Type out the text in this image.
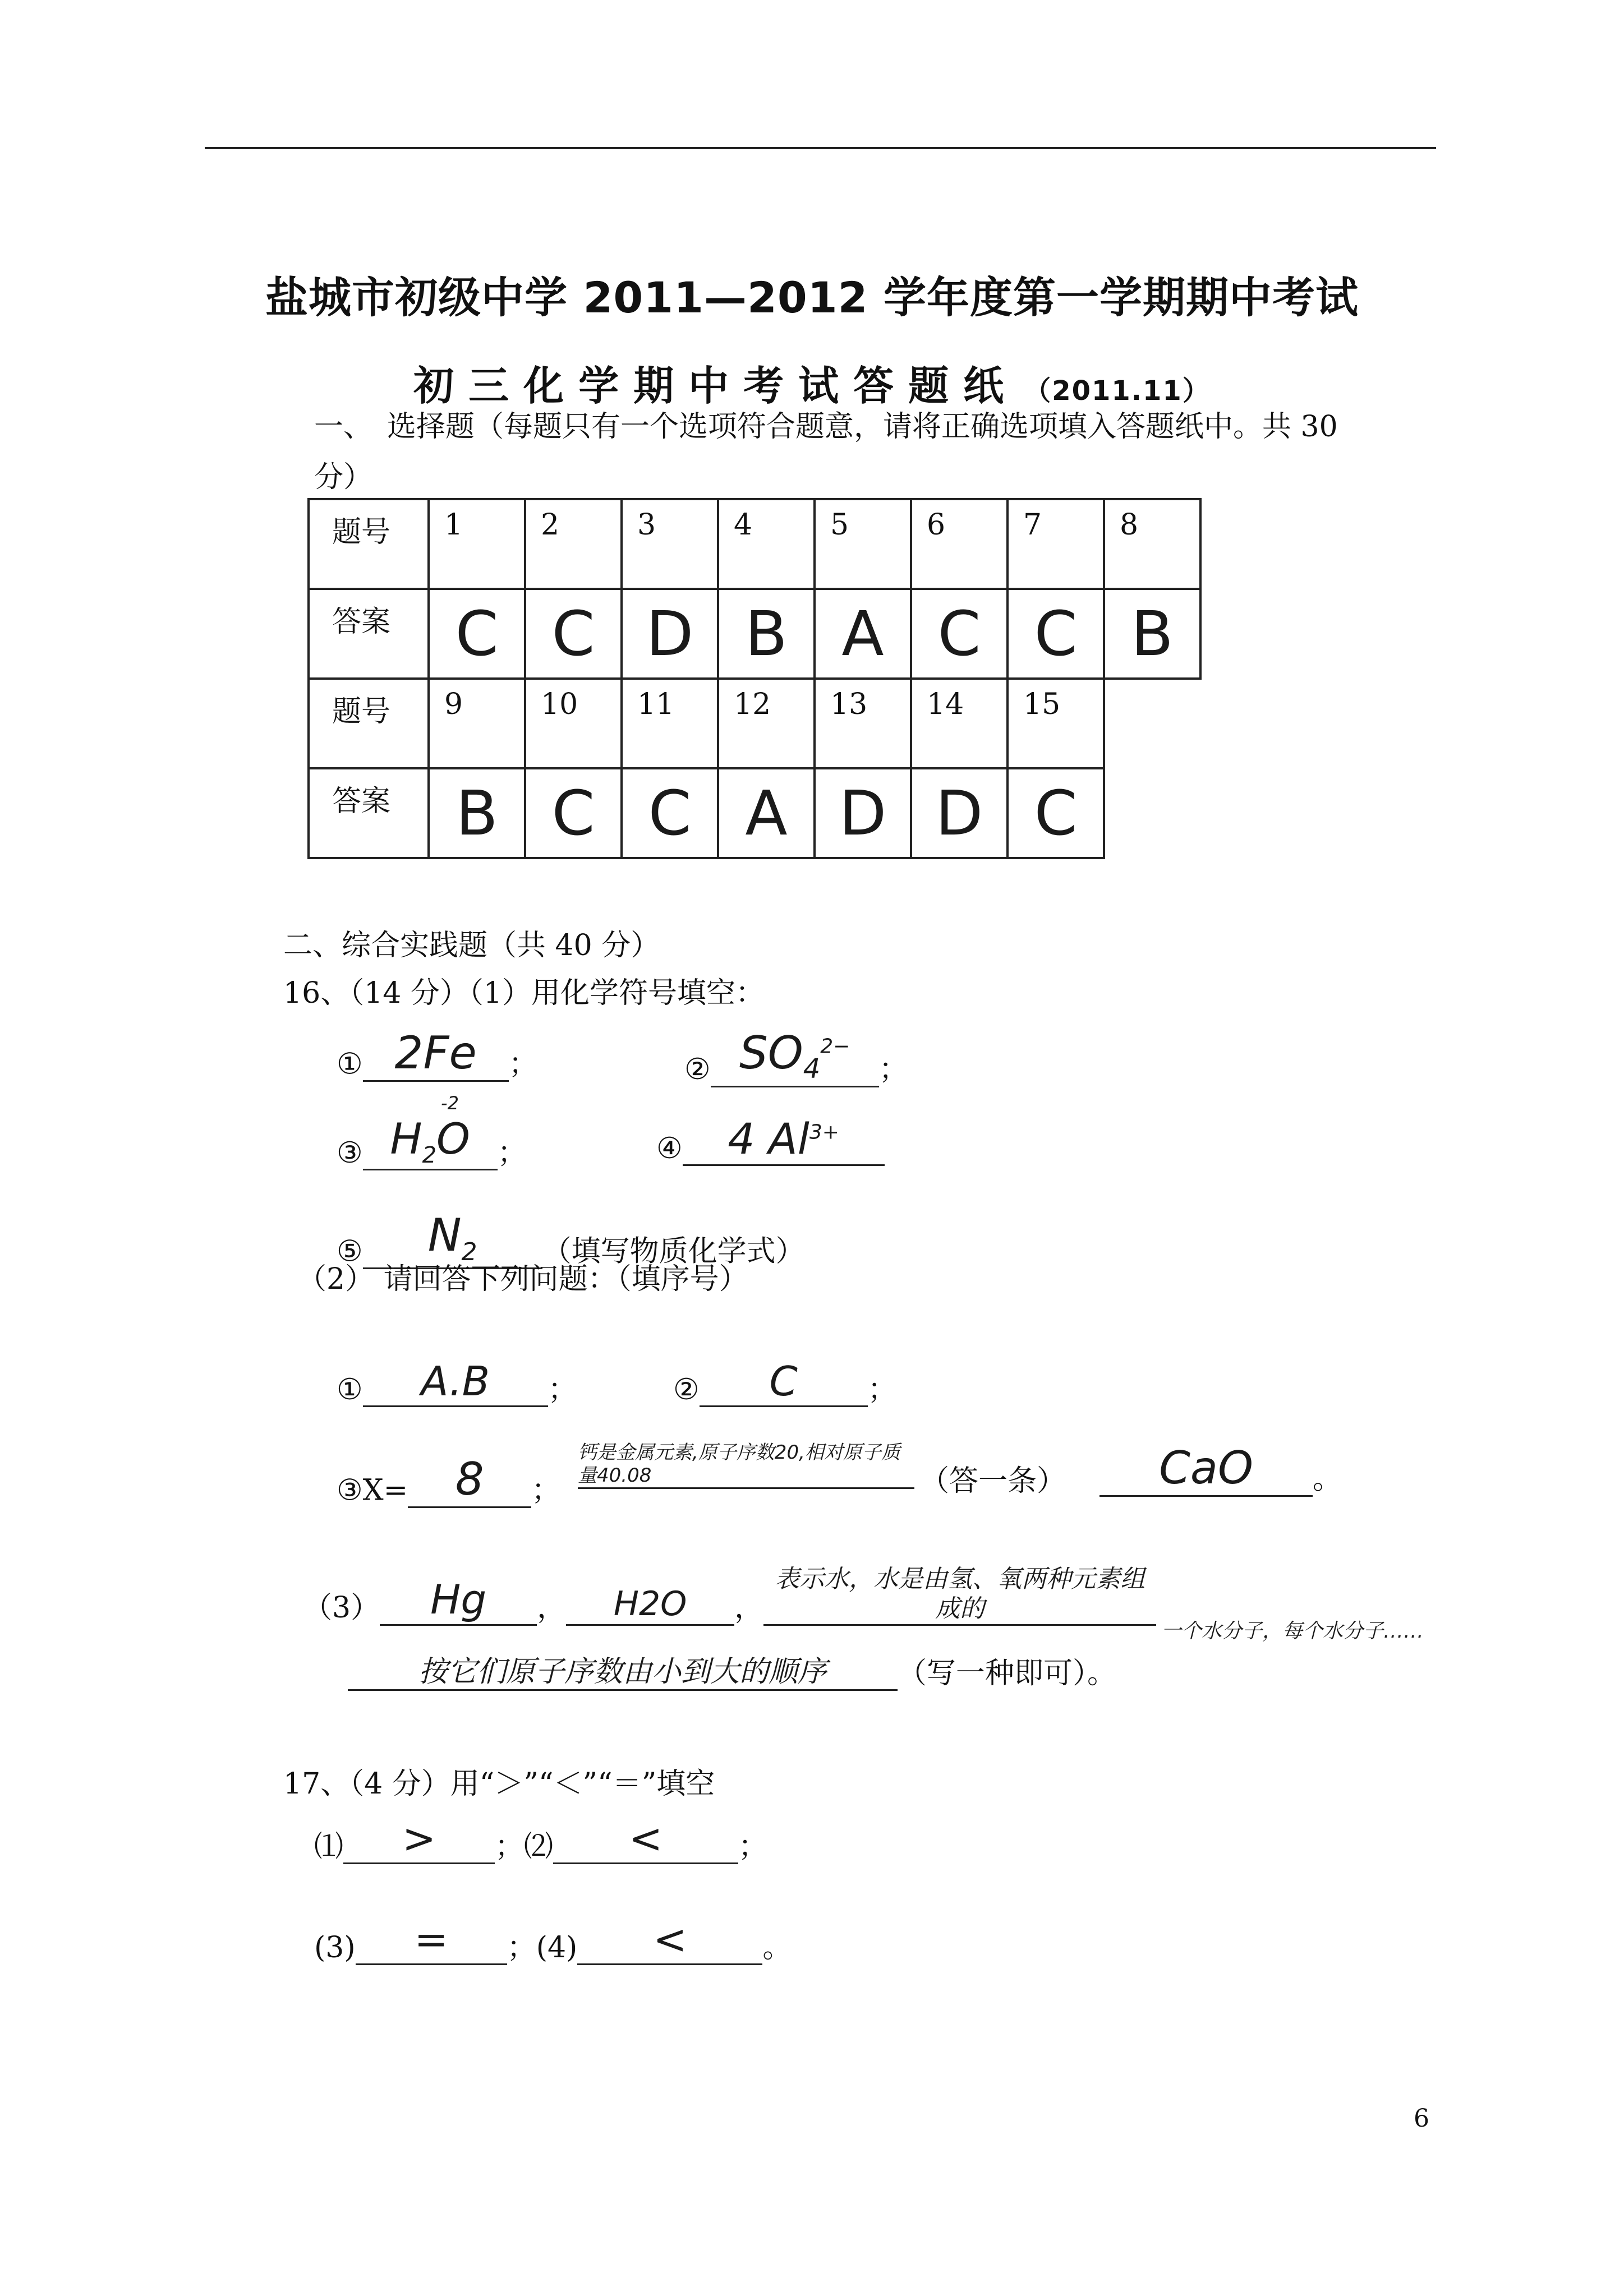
盐城市初级中学 2011—2012 学年度第一学期期中考试
初三化学期中考试答题纸 （2011.11）
一、　选择题（每题只有一个选项符合题意，请将正确选项填入答题纸中。共 30
分）
题号	1	2	3	4	5	6	7	8
答案	C	C	D	B	A	C	C	B
题号	9	10	11	12	13	14	15	
答案	B	C	C	A	D	D	C	
二、综合实践题（共 40 分）
16、（14 分）（1）用化学符号填空：
① 2Fe ；	② $SO_4^{2-}$；
③ $H_2O$
-2
；	④ 4 $Al^{3+}$
⑤ $N_2$ （填写物质化学式）
（2） 请回答下列问题：（填序号）
① A.B ；	② C ；
③X= 8 ；
钙是金属元素,原子序数20,相对原子质量40.08	（答一条）	CaO 。
（3） Hg ， H2O ，表示水，水是由氢、氧两种元素组成的
一个水分子，每个水分子……
按它们原子序数由小到大的顺序 （写一种即可）。
17、（4 分）用“＞”“＜”“＝”填空
⑴ > ；⑵ <	；
(3) = ；(4) <	。
6
